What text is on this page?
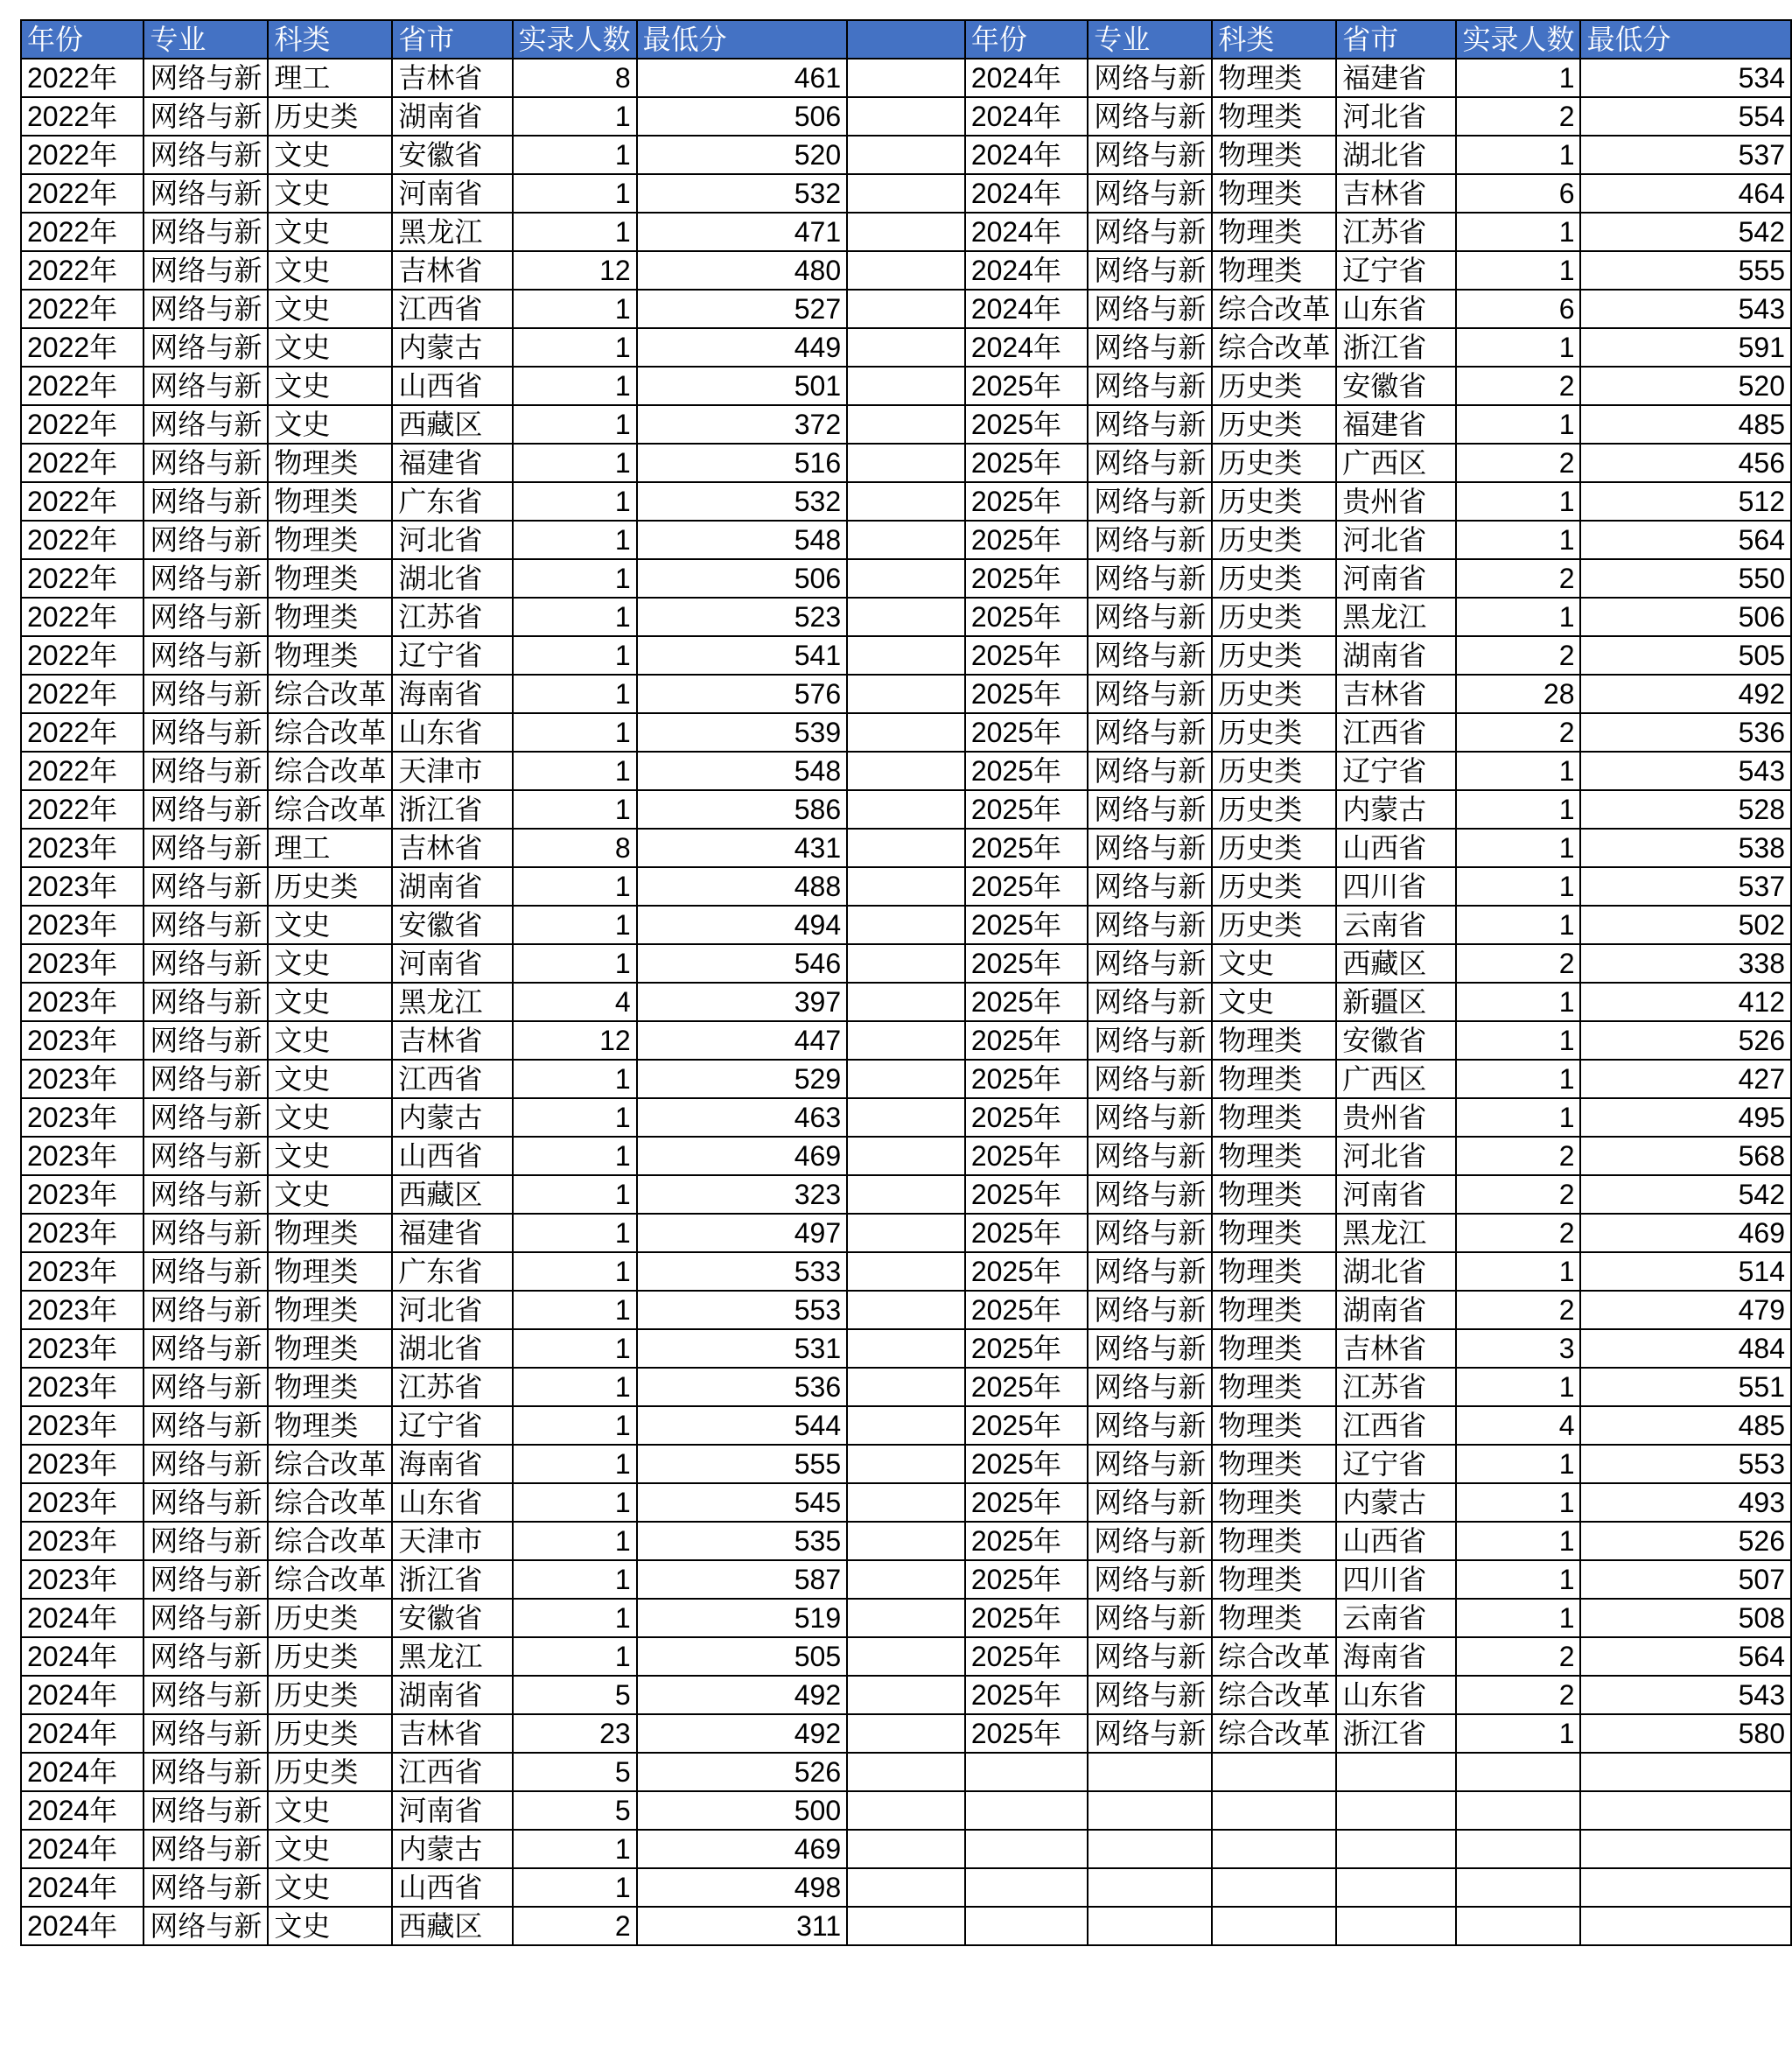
年份	专业	科类	省市	实录人数	最低分		年份	专业	科类	省市	实录人数	最低分
2022年	网络与新	理工	吉林省	8	461		2024年	网络与新	物理类	福建省	1	534
2022年	网络与新	历史类	湖南省	1	506		2024年	网络与新	物理类	河北省	2	554
2022年	网络与新	文史	安徽省	1	520		2024年	网络与新	物理类	湖北省	1	537
2022年	网络与新	文史	河南省	1	532		2024年	网络与新	物理类	吉林省	6	464
2022年	网络与新	文史	黑龙江	1	471		2024年	网络与新	物理类	江苏省	1	542
2022年	网络与新	文史	吉林省	12	480		2024年	网络与新	物理类	辽宁省	1	555
2022年	网络与新	文史	江西省	1	527		2024年	网络与新	综合改革	山东省	6	543
2022年	网络与新	文史	内蒙古	1	449		2024年	网络与新	综合改革	浙江省	1	591
2022年	网络与新	文史	山西省	1	501		2025年	网络与新	历史类	安徽省	2	520
2022年	网络与新	文史	西藏区	1	372		2025年	网络与新	历史类	福建省	1	485
2022年	网络与新	物理类	福建省	1	516		2025年	网络与新	历史类	广西区	2	456
2022年	网络与新	物理类	广东省	1	532		2025年	网络与新	历史类	贵州省	1	512
2022年	网络与新	物理类	河北省	1	548		2025年	网络与新	历史类	河北省	1	564
2022年	网络与新	物理类	湖北省	1	506		2025年	网络与新	历史类	河南省	2	550
2022年	网络与新	物理类	江苏省	1	523		2025年	网络与新	历史类	黑龙江	1	506
2022年	网络与新	物理类	辽宁省	1	541		2025年	网络与新	历史类	湖南省	2	505
2022年	网络与新	综合改革	海南省	1	576		2025年	网络与新	历史类	吉林省	28	492
2022年	网络与新	综合改革	山东省	1	539		2025年	网络与新	历史类	江西省	2	536
2022年	网络与新	综合改革	天津市	1	548		2025年	网络与新	历史类	辽宁省	1	543
2022年	网络与新	综合改革	浙江省	1	586		2025年	网络与新	历史类	内蒙古	1	528
2023年	网络与新	理工	吉林省	8	431		2025年	网络与新	历史类	山西省	1	538
2023年	网络与新	历史类	湖南省	1	488		2025年	网络与新	历史类	四川省	1	537
2023年	网络与新	文史	安徽省	1	494		2025年	网络与新	历史类	云南省	1	502
2023年	网络与新	文史	河南省	1	546		2025年	网络与新	文史	西藏区	2	338
2023年	网络与新	文史	黑龙江	4	397		2025年	网络与新	文史	新疆区	1	412
2023年	网络与新	文史	吉林省	12	447		2025年	网络与新	物理类	安徽省	1	526
2023年	网络与新	文史	江西省	1	529		2025年	网络与新	物理类	广西区	1	427
2023年	网络与新	文史	内蒙古	1	463		2025年	网络与新	物理类	贵州省	1	495
2023年	网络与新	文史	山西省	1	469		2025年	网络与新	物理类	河北省	2	568
2023年	网络与新	文史	西藏区	1	323		2025年	网络与新	物理类	河南省	2	542
2023年	网络与新	物理类	福建省	1	497		2025年	网络与新	物理类	黑龙江	2	469
2023年	网络与新	物理类	广东省	1	533		2025年	网络与新	物理类	湖北省	1	514
2023年	网络与新	物理类	河北省	1	553		2025年	网络与新	物理类	湖南省	2	479
2023年	网络与新	物理类	湖北省	1	531		2025年	网络与新	物理类	吉林省	3	484
2023年	网络与新	物理类	江苏省	1	536		2025年	网络与新	物理类	江苏省	1	551
2023年	网络与新	物理类	辽宁省	1	544		2025年	网络与新	物理类	江西省	4	485
2023年	网络与新	综合改革	海南省	1	555		2025年	网络与新	物理类	辽宁省	1	553
2023年	网络与新	综合改革	山东省	1	545		2025年	网络与新	物理类	内蒙古	1	493
2023年	网络与新	综合改革	天津市	1	535		2025年	网络与新	物理类	山西省	1	526
2023年	网络与新	综合改革	浙江省	1	587		2025年	网络与新	物理类	四川省	1	507
2024年	网络与新	历史类	安徽省	1	519		2025年	网络与新	物理类	云南省	1	508
2024年	网络与新	历史类	黑龙江	1	505		2025年	网络与新	综合改革	海南省	2	564
2024年	网络与新	历史类	湖南省	5	492		2025年	网络与新	综合改革	山东省	2	543
2024年	网络与新	历史类	吉林省	23	492		2025年	网络与新	综合改革	浙江省	1	580
2024年	网络与新	历史类	江西省	5	526							
2024年	网络与新	文史	河南省	5	500							
2024年	网络与新	文史	内蒙古	1	469							
2024年	网络与新	文史	山西省	1	498							
2024年	网络与新	文史	西藏区	2	311							
